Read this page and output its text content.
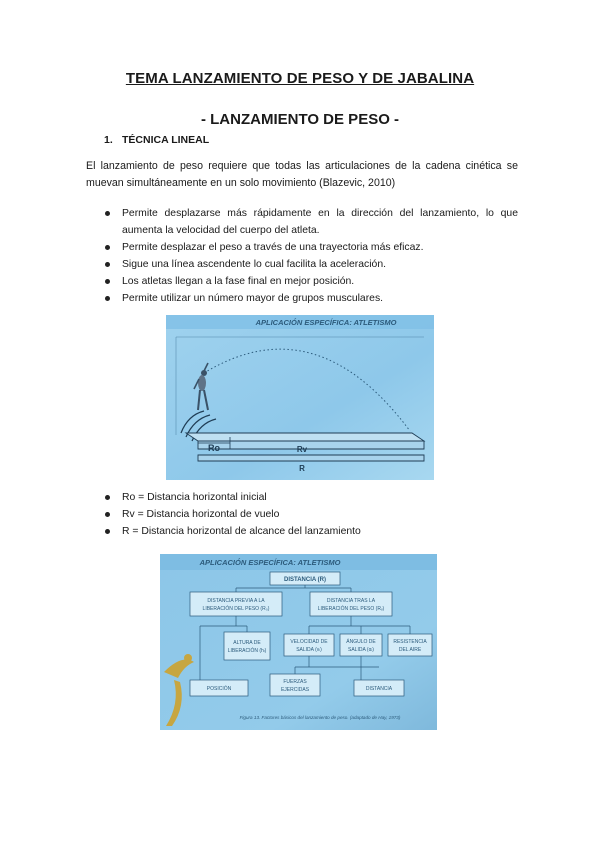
TEMA LANZAMIENTO DE PESO Y DE JABALINA
- LANZAMIENTO DE PESO -
1. TÉCNICA LINEAL
El lanzamiento de peso requiere que todas las articulaciones de la cadena cinética se muevan simultáneamente en un solo movimiento (Blazevic, 2010)
Permite desplazarse más rápidamente en la dirección del lanzamiento, lo que aumenta la velocidad del cuerpo del atleta.
Permite desplazar el peso a través de una trayectoria más eficaz.
Sigue una línea ascendente lo cual facilita la aceleración.
Los atletas llegan a la fase final en mejor posición.
Permite utilizar un número mayor de grupos musculares.
APLICACIÓN ESPECÍFICA: ATLETISMO
Ro	Rv
R
Ro = Distancia horizontal inicial
Rv = Distancia horizontal de vuelo
R = Distancia horizontal de alcance del lanzamiento
APLICACIÓN ESPECÍFICA: ATLETISMO
DISTANCIA (R)
DISTANCIA PREVIA A LA
LIBERACIÓN DEL PESO (R₀)
DISTANCIA TRAS LA
LIBERACIÓN DEL PESO (Rᵥ)
ALTURA DE
LIBERACIÓN (hₗ)
VELOCIDAD DE
SALIDA (vₗ)
ÁNGULO DE
SALIDA (αₗ)
RESISTENCIA
DEL AIRE
POSICIÓN
FUERZAS
EJERCIDAS	DISTANCIA
Figura 13. Factores básicos del lanzamiento de peso. (adaptado de Hay, 1973)
